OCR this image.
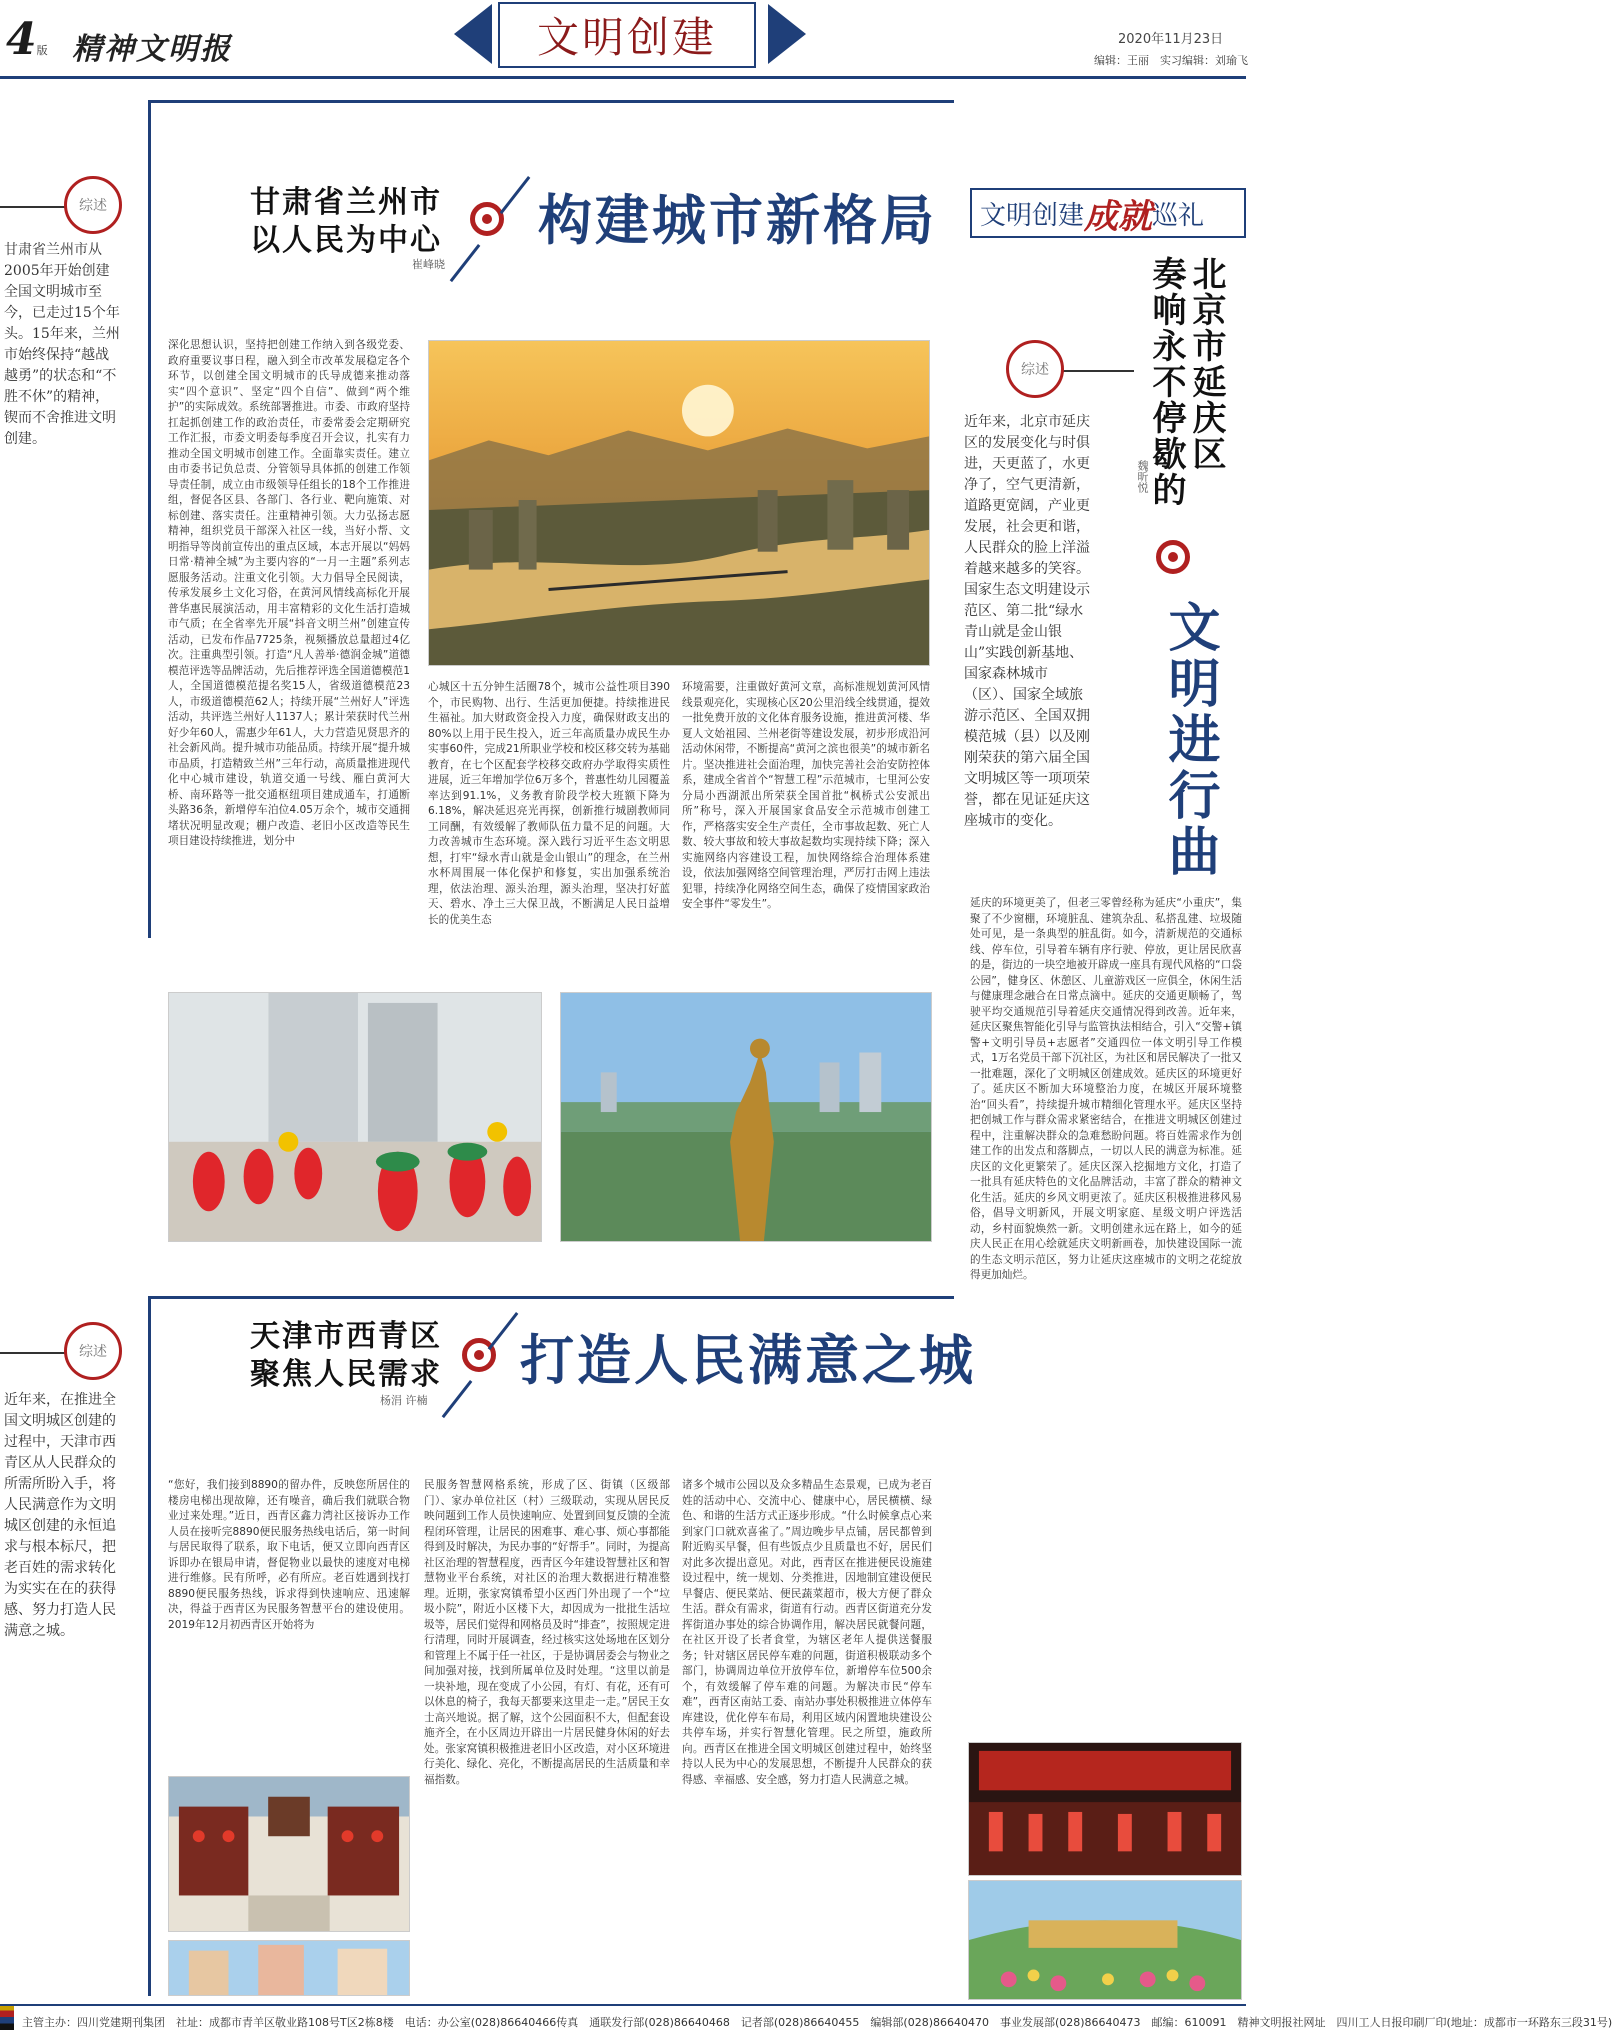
4版 精神文明报	文明创建	2020年11月23日
编辑：王丽　实习编辑：刘瑜飞
综述
甘肃省兰州市从2005年开始创建全国文明城市至今，已走过15个年头。15年来，兰州市始终保持“越战越勇”的状态和“不胜不休”的精神，锲而不舍推进文明创建。
甘肃省兰州市
以人民为中心
崔峰晓
构建城市新格局
深化思想认识，坚持把创建工作纳入到各级党委、政府重要议事日程，融入到全市改革发展稳定各个环节，以创建全国文明城市的氏导成德来推动落实“四个意识”、坚定“四个自信”、做到“两个维护”的实际成效。系统部署推进。市委、市政府坚持扛起抓创建工作的政治责任，市委常委会定期研究工作汇报，市委文明委每季度召开会议，扎实有力推动全国文明城市创建工作。全面靠实责任。建立由市委书记负总责、分管领导具体抓的创建工作领导责任制，成立由市级领导任组长的18个工作推进组，督促各区县、各部门、各行业、靶向施策、对标创建、落实责任。注重精神引领。大力弘扬志愿精神，组织党员干部深入社区一线，当好小帮、文明指导等岗前宣传出的重点区域，本志开展以“妈妈日常·精神全城”为主要内容的“一月一主题”系列志愿服务活动。注重文化引领。大力倡导全民阅读，传承发展乡土文化习俗，在黄河风情线高标化开展普华惠民展演活动，用丰富精彩的文化生活打造城市气质；在全省率先开展“抖音文明兰州”创建宣传活动，已发布作品7725条，视频播放总量超过4亿次。注重典型引领。打造“凡人善举·德润金城”道德模范评选等品牌活动，先后推荐评选全国道德模范1人，全国道德模范提名奖15人，省级道德模范23人，市级道德模范62人；持续开展“兰州好人”评选活动，共评选兰州好人1137人；累计荣获时代兰州好少年60人，需惠少年61人，大力营造见贤思齐的社会新风尚。提升城市功能品质。持续开展“提升城市品质，打造精致兰州”三年行动，高质量推进现代化中心城市建设，轨道交通一号线、雁白黄河大桥、南环路等一批交通枢纽项目建成通车，打通断头路36条，新增停车泊位4.05万余个，城市交通拥堵状况明显改观；棚户改造、老旧小区改造等民生项目建设持续推进，划分中
心城区十五分钟生活圈78个，城市公益性项目390个，市民购物、出行、生活更加便捷。持续推进民生福祉。加大财政资金投入力度，确保财政支出的80%以上用于民生投入，近三年高质量办成民生办实事60件，完成21所职业学校和校区移交转为基础教育，在七个区配套学校移交政府办学取得实质性进展，近三年增加学位6万多个，普惠性幼儿园覆盖率达到91.1%，义务教育阶段学校大班额下降为6.18%，解决延迟亮光再探，创新推行城剧教师同工同酬，有效缓解了教师队伍力量不足的问题。大力改善城市生态环境。深入践行习近平生态文明思想，打牢“绿水青山就是金山银山”的理念，在兰州水杯周围展一体化保护和修复，实出加强系统治理，依法治理、源头治理，源头治理，坚决打好蓝天、碧水、净土三大保卫战，不断满足人民日益增长的优美生态
环境需要，注重做好黄河文章，高标准规划黄河风情线景观亮化，实现核心区20公里沿线全线贯通，提效一批免费开放的文化体育服务设施，推进黄河楼、华夏人文始祖园、兰州老街等建设发展，初步形成沿河活动休闲带，不断提高“黄河之滨也很美”的城市新名片。坚决推进社会面治理，加快完善社会治安防控体系，建成全省首个“智慧工程”示范城市，七里河公安分局小西湖派出所荣获全国首批“枫桥式公安派出所”称号，深入开展国家食品安全示范城市创建工作，严格落实安全生产责任，全市事故起数、死亡人数、较大事故和较大事故起数均实现持续下降；深入实施网络内容建设工程，加快网络综合治理体系建设，依法加强网络空间管理治理，严厉打击网上违法犯罪，持续净化网络空间生态，确保了疫情国家政治安全事件“零发生”。
综述
近年来，在推进全国文明城区创建的过程中，天津市西青区从人民群众的所需所盼入手，将人民满意作为文明城区创建的永恒追求与根本标尺，把老百姓的需求转化为实实在在的获得感、努力打造人民满意之城。
天津市西青区
聚焦人民需求
杨涓 许楠
打造人民满意之城
“您好，我们接到8890的留办件，反映您所居住的楼房电梯出现故障，还有噪音，确后我们就联合物业过来处理。”近日，西青区鑫力湾社区接诉办工作人员在接听完8890便民服务热线电话后，第一时间与居民取得了联系，取下电话，便又立即向西青区诉即办在银局申请，督促物业以最快的速度对电梯进行维修。民有所呼，必有所应。老百姓遇到找打8890便民服务热线，诉求得到快速响应、迅速解决，得益于西青区为民服务智慧平台的建设使用。2019年12月初西青区开始将为
民服务智慧网格系统，形成了区、街镇（区级部门）、家办单位社区（村）三级联动，实现从居民反映问题到工作人员快速响应、处置到回复反馈的全流程闭环管理，让居民的困难事、难心事、烦心事都能得到及时解决，为民办事的“好帮手”。同时，为提高社区治理的智慧程度，西青区今年建设智慧社区和智慧物业平台系统，对社区的治理大数据进行精准整理。近期，张家窝镇希望小区西门外出现了一个“垃圾小院”，附近小区楼下大，却因成为一批批生活垃圾等，居民们觉得和网格员及时“排查”，按照规定进行清理，同时开展调查，经过核实这处场地在区划分和管理上不属于任一社区，于是协调居委会与物业之间加强对接，找到所属单位及时处理。“这里以前是一块补地，现在变成了小公园，有灯、有花，还有可以休息的椅子，我每天都要来这里走一走。”居民王女士高兴地说。据了解，这个公园面积不大，但配套设施齐全，在小区周边开辟出一片居民健身休闲的好去处。张家窝镇积极推进老旧小区改造，对小区环境进行美化、绿化、亮化，不断提高居民的生活质量和幸福指数。
诸多个城市公园以及众多精品生态景观，已成为老百姓的活动中心、交流中心、健康中心，居民横横、绿色、和谐的生活方式正逐步形成。“什么时候拿点心来到家门口就欢喜雀了。”周边晚步早点铺，居民都曾到附近购买早餐，但有些饭点少且质量也不好，居民们对此多次提出意见。对此，西青区在推进便民设施建设过程中，统一规划、分类推进，因地制宜建设便民早餐店、便民菜站、便民蔬菜超市，极大方便了群众生活。群众有需求，街道有行动。西青区街道充分发挥街道办事处的综合协调作用，解决居民就餐问题，在社区开设了长者食堂，为辖区老年人提供送餐服务；针对辖区居民停车难的问题，街道积极联动多个部门，协调周边单位开放停车位，新增停车位500余个，有效缓解了停车难的问题。为解决市民“停车难”，西青区南站工委、南站办事处积极推进立体停车库建设，优化停车布局，利用区域内闲置地块建设公共停车场，并实行智慧化管理。民之所望，施政所向。西青区在推进全国文明城区创建过程中，始终坚持以人民为中心的发展思想，不断提升人民群众的获得感、幸福感、安全感，努力打造人民满意之城。
文明创建 成就 巡礼
北京市延庆区
奏响永不停歇的
魏昕悦
文明进行曲
综述
近年来，北京市延庆区的发展变化与时俱进，天更蓝了，水更净了，空气更清新，道路更宽阔，产业更发展，社会更和谐，人民群众的脸上洋溢着越来越多的笑容。国家生态文明建设示范区、第二批“绿水青山就是金山银山”实践创新基地、国家森林城市（区）、国家全域旅游示范区、全国双拥模范城（县）以及刚刚荣获的第六届全国文明城区等一项项荣誉，都在见证延庆这座城市的变化。
延庆的环境更美了，但老三零曾经称为延庆“小重庆”，集聚了不少窗棚，环境脏乱、建筑杂乱、私搭乱建、垃圾随处可见，是一条典型的脏乱街。如今，清新规范的交通标线、停车位，引导着车辆有序行驶、停放，更让居民欣喜的是，街边的一块空地被开辟成一座具有现代风格的“口袋公园”，健身区、休憩区、儿童游戏区一应俱全，休闲生活与健康理念融合在日常点滴中。延庆的交通更顺畅了，驾驶平均交通规范引导着延庆交通情况得到改善。近年来，延庆区聚焦智能化引导与监管执法相结合，引入“交警+镇警+文明引导员+志愿者”交通四位一体文明引导工作模式，1万名党员干部下沉社区，为社区和居民解决了一批又一批难题，深化了文明城区创建成效。延庆区的环境更好了。延庆区不断加大环境整治力度，在城区开展环境整治“回头看”，持续提升城市精细化管理水平。延庆区坚持把创城工作与群众需求紧密结合，在推进文明城区创建过程中，注重解决群众的急难愁盼问题。将百姓需求作为创建工作的出发点和落脚点，一切以人民的满意为标准。延庆区的文化更繁荣了。延庆区深入挖掘地方文化，打造了一批具有延庆特色的文化品牌活动，丰富了群众的精神文化生活。延庆的乡风文明更浓了。延庆区积极推进移风易俗，倡导文明新风，开展文明家庭、星级文明户评选活动，乡村面貌焕然一新。文明创建永远在路上，如今的延庆人民正在用心绘就延庆文明新画卷，加快建设国际一流的生态文明示范区，努力让延庆这座城市的文明之花绽放得更加灿烂。
主管主办：四川党建期刊集团　社址：成都市青羊区敬业路108号T区2栋8楼　电话：办公室(028)86640466传真　通联发行部(028)86640468　记者部(028)86640455　编辑部(028)86640470　事业发展部(028)86640473　邮编：610091　精神文明报社网址　四川工人日报印刷厂印(地址：成都市一环路东三段31号)
